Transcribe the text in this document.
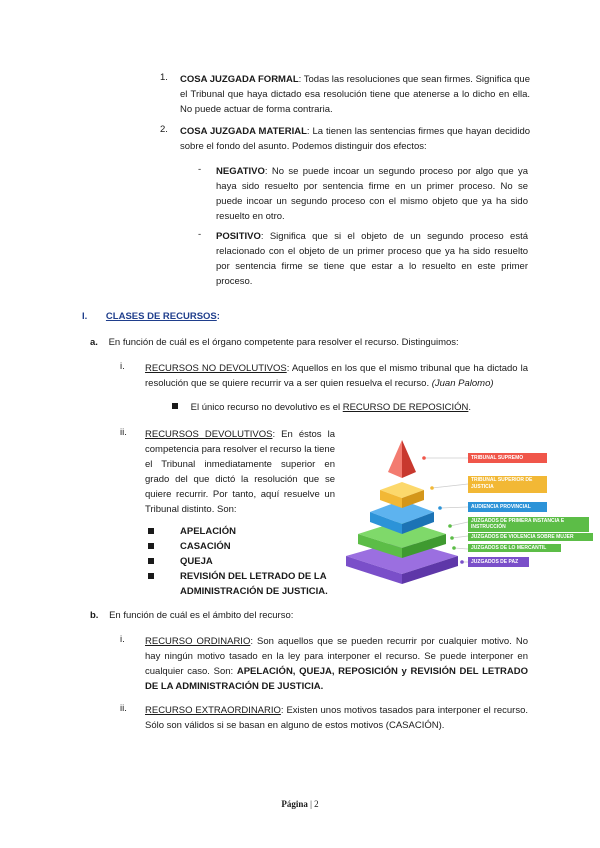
1. COSA JUZGADA FORMAL: Todas las resoluciones que sean firmes. Significa que el Tribunal que haya dictado esa resolución tiene que atenerse a lo dicho en ella. No puede actuar de forma contraria.
2. COSA JUZGADA MATERIAL: La tienen las sentencias firmes que hayan decidido sobre el fondo del asunto. Podemos distinguir dos efectos:
- NEGATIVO: No se puede incoar un segundo proceso por algo que ya haya sido resuelto por sentencia firme en un primer proceso. No se puede incoar un segundo proceso con el mismo objeto que ya ha sido resuelto en otro.
- POSITIVO: Significa que si el objeto de un segundo proceso está relacionado con el objeto de un primer proceso que ya ha sido resuelto por sentencia firme se tiene que estar a lo resuelto en este primer proceso.
I. CLASES DE RECURSOS:
a. En función de cuál es el órgano competente para resolver el recurso. Distinguimos:
i. RECURSOS NO DEVOLUTIVOS: Aquellos en los que el mismo tribunal que ha dictado la resolución que se quiere recurrir va a ser quien resuelva el recurso. (Juan Palomo)
El único recurso no devolutivo es el RECURSO DE REPOSICIÓN.
ii. RECURSOS DEVOLUTIVOS: En éstos la competencia para resolver el recurso la tiene el Tribunal inmediatamente superior en grado del que dictó la resolución que se quiere recurrir. Por tanto, aquí resuelve un Tribunal distinto. Son:
APELACIÓN
CASACIÓN
QUEJA
REVISIÓN DEL LETRADO DE LA ADMINISTRACIÓN DE JUSTICIA.
TRIBUNAL SUPREMO
TRIBUNAL SUPERIOR DE JUSTICIA
AUDIENCIA PROVINCIAL
JUZGADOS DE PRIMERA INSTANCIA E INSTRUCCIÓN
JUZGADOS DE VIOLENCIA SOBRE MUJER
JUZGADOS DE LO MERCANTIL
JUZGADOS DE PAZ
b. En función de cuál es el ámbito del recurso:
i. RECURSO ORDINARIO: Son aquellos que se pueden recurrir por cualquier motivo. No hay ningún motivo tasado en la ley para interponer el recurso. Se puede interponer en cualquier caso. Son: APELACIÓN, QUEJA, REPOSICIÓN y REVISIÓN DEL LETRADO DE LA ADMINISTRACIÓN DE JUSTICIA.
ii. RECURSO EXTRAORDINARIO: Existen unos motivos tasados para interponer el recurso. Sólo son válidos si se basan en alguno de estos motivos (CASACIÓN).
Página | 2
